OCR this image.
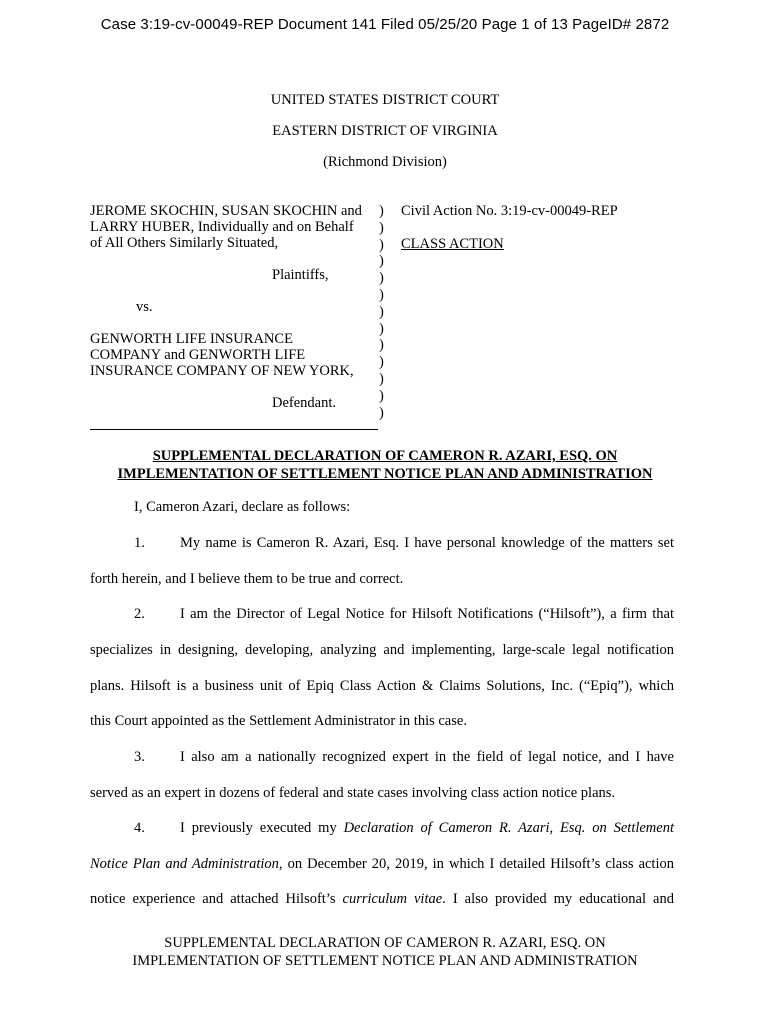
Case 3:19-cv-00049-REP Document 141 Filed 05/25/20 Page 1 of 13 PageID# 2872
UNITED STATES DISTRICT COURT
EASTERN DISTRICT OF VIRGINIA
(Richmond Division)
JEROME SKOCHIN, SUSAN SKOCHIN and
LARRY HUBER, Individually and on Behalf
of All Others Similarly Situated,
Plaintiffs,
vs.
GENWORTH LIFE INSURANCE
COMPANY and GENWORTH LIFE
INSURANCE COMPANY OF NEW YORK,
Defendant.
)
)
)
)
)
)
)
)
)
)
)
)
)
Civil Action No. 3:19-cv-00049-REP
CLASS ACTION
SUPPLEMENTAL DECLARATION OF CAMERON R. AZARI, ESQ. ON
IMPLEMENTATION OF SETTLEMENT NOTICE PLAN AND ADMINISTRATION
I, Cameron Azari, declare as follows:
1. My name is Cameron R. Azari, Esq. I have personal knowledge of the matters set
forth herein, and I believe them to be true and correct.
2. I am the Director of Legal Notice for Hilsoft Notifications (“Hilsoft”), a firm that
specializes in designing, developing, analyzing and implementing, large-scale legal notification
plans. Hilsoft is a business unit of Epiq Class Action & Claims Solutions, Inc. (“Epiq”), which
this Court appointed as the Settlement Administrator in this case.
3. I also am a nationally recognized expert in the field of legal notice, and I have
served as an expert in dozens of federal and state cases involving class action notice plans.
4. I previously executed my Declaration of Cameron R. Azari, Esq. on Settlement
Notice Plan and Administration, on December 20, 2019, in which I detailed Hilsoft’s class action
notice experience and attached Hilsoft’s curriculum vitae. I also provided my educational and
SUPPLEMENTAL DECLARATION OF CAMERON R. AZARI, ESQ. ON
IMPLEMENTATION OF SETTLEMENT NOTICE PLAN AND ADMINISTRATION
